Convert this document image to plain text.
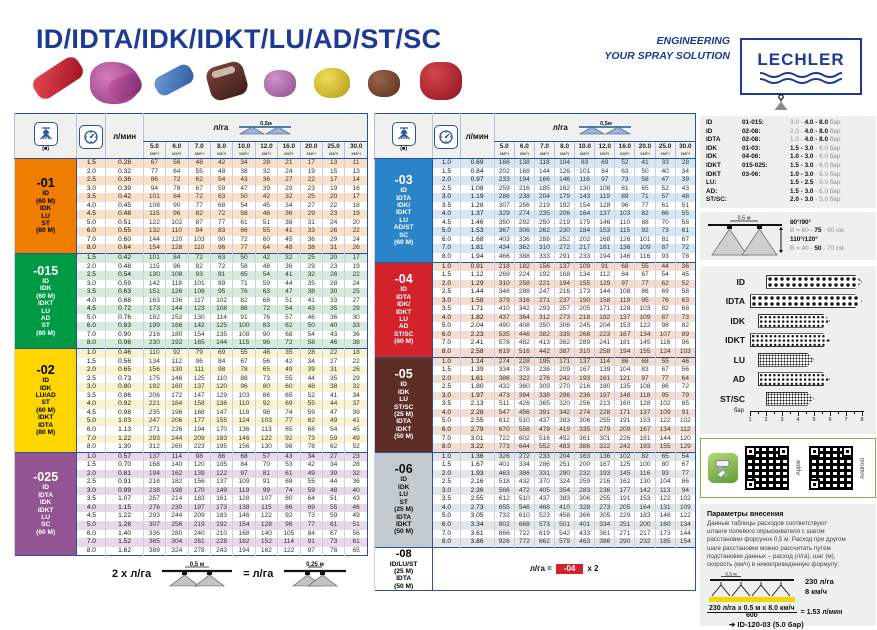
ID/IDTA/IDK/IDKT/LU/AD/ST/SC	ENGINEERING
YOUR SPRAY SOLUTION LECHLER
(■)		л/мин	л/га 0,5м									

			5.0
км/ч	6.0
км/ч	7.0
км/ч	8.0
км/ч	10.0
км/ч	12.0
км/ч	16.0
км/ч	20.0
км/ч	25.0
км/ч	30.0
км/ч

-01
ID
(60 M)
IDK
LU
ST
(80 M)
	1.5	0.28	67	56	48	42	34	28	21	17	13	11
	2.0	0.32	77	64	55	48	38	32	24	19	15	13
	2.5	0.36	86	72	62	54	43	36	27	22	17	14
	3.0	0.39	94	78	67	59	47	39	29	23	19	16
	3.5	0.42	101	84	72	63	50	42	32	25	20	17
	4.0	0.45	108	90	77	68	54	45	34	27	22	18
	4.5	0.48	115	96	82	72	58	48	36	29	23	19
	5.0	0.51	122	102	87	77	61	51	38	31	24	20
	6.0	0.55	132	110	94	83	66	55	41	33	26	22
	7.0	0.60	144	120	103	90	72	60	45	36	29	24
	8.0	0.64	154	128	110	96	77	64	48	38	31	26

-015
ID
IDK
(60 M)
IDKT
LU
AD
ST
(80 M)
	1.5	0.42	101	84	72	63	50	42	32	25	20	17
	2.0	0.48	115	96	82	72	58	48	36	29	23	19
	2.5	0.54	130	108	93	81	65	54	41	32	26	22
	3.0	0.59	142	118	101	89	71	59	44	35	28	24
	3.5	0.63	151	126	108	95	76	63	47	38	30	25
	4.0	0.68	163	136	117	102	82	68	51	41	33	27
	4.5	0.72	173	144	123	108	86	72	54	43	35	29
	5.0	0.76	182	152	130	114	91	76	57	46	36	30
	6.0	0.83	199	166	142	125	100	83	62	50	40	33
	7.0	0.90	216	180	154	135	108	90	68	54	43	36
	8.0	0.96	230	192	165	144	115	96	72	58	46	38

-02
ID
IDK
LU/AD
ST
(60 M)
IDKT
IDTA
(80 M)
	1.0	0.46	110	92	79	69	55	46	35	28	22	18
	1.5	0.56	134	112	96	84	67	56	42	34	27	22
	2.0	0.65	156	130	111	98	78	65	49	39	31	26
	2.5	0.73	175	146	125	110	88	73	55	44	35	29
	3.0	0.80	192	160	137	120	96	80	60	48	38	32
	3.5	0.86	206	172	147	129	103	86	65	52	41	34
	4.0	0.92	221	184	158	138	110	92	69	55	44	37
	4.5	0.98	235	196	168	147	118	98	74	59	47	39
	5.0	1.03	247	206	177	155	124	103	77	62	49	41
	6.0	1.13	271	226	194	170	136	113	85	68	54	45
	7.0	1.22	293	244	209	183	146	122	92	73	59	49
	8.0	1.30	312	260	223	195	156	130	98	78	62	52

-025
ID
IDTA
IDK
IDKT
LU
SC
(60 M)
	1.0	0.57	137	114	98	86	68	57	43	34	27	23
	1.5	0.70	168	140	120	105	84	70	53	42	34	28
	2.0	0.81	194	162	139	122	97	81	61	49	39	32
	2.5	0.91	218	182	156	137	109	91	68	55	44	36
	3.0	0.99	238	198	170	149	119	99	74	59	48	40
	3.5	1.07	257	214	183	161	128	107	80	64	51	43
	4.0	1.15	276	230	197	173	138	115	86	69	55	46
	4.5	1.22	293	244	209	183	146	122	92	73	59	49
	5.0	1.28	307	256	219	192	154	128	96	77	61	51
	6.0	1.40	336	280	240	210	168	140	105	84	67	56
	7.0	1.52	365	304	261	228	182	152	114	91	73	61
	8.0	1.62	389	324	278	243	194	162	122	97	78	65
(■)		л/мин	л/га 0,5м									

			5.0
км/ч	6.0
км/ч	7.0
км/ч	8.0
км/ч	10.0
км/ч	12.0
км/ч	16.0
км/ч	20.0
км/ч	25.0
км/ч	30.0
км/ч

-03
ID
IDTA
IDK/
IDKT
LU
AD/ST
SC
(60 M)
	1.0	0.69	166	138	118	104	83	69	52	41	33	28
	1.5	0.84	202	168	144	126	101	84	63	50	40	34
	2.0	0.97	233	194	166	146	116	97	73	58	47	39
	2.5	1.08	259	216	185	162	130	108	81	65	52	43
	3.0	1.19	286	238	204	179	143	119	89	71	57	48
	3.5	1.28	307	256	219	192	154	128	96	77	61	51
	4.0	1.37	329	274	235	206	164	137	103	82	66	55
	4.5	1.46	350	292	250	219	175	146	110	88	70	58
	5.0	1.53	367	306	262	230	184	153	115	92	73	61
	6.0	1.68	403	336	288	252	202	168	126	101	81	67
	7.0	1.81	434	362	310	272	217	181	136	109	87	72
	8.0	1.94	466	388	333	291	233	194	146	116	93	78

-04
ID
IDTA
IDK/
IDKT
LU
AD
ST/SC
(60 M)
	1.0	0.91	218	182	156	137	109	91	68	55	44	36
	1.5	1.12	269	224	192	168	134	112	84	67	54	45
	2.0	1.29	310	258	221	194	155	129	97	77	62	52
	2.5	1.44	346	288	247	216	173	144	108	86	69	58
	3.0	1.58	379	316	271	237	190	158	119	95	76	63
	3.5	1.71	410	342	293	257	205	171	128	103	82	68
	4.0	1.82	437	364	312	273	218	182	137	109	87	73
	5.0	2.04	490	408	350	306	245	204	153	122	98	82
	6.0	2.23	535	446	382	335	268	223	167	134	107	89
	7.0	2.41	578	482	413	362	289	241	181	145	116	96
	8.0	2.58	619	516	442	387	310	258	194	155	124	103

-05
ID
IDK
LU
ST/SC
(25 M)
IDTA
IDKT
(50 M)
	1.0	1.14	274	228	195	171	137	114	86	68	55	46
	1.5	1.39	334	278	238	209	167	139	104	83	67	56
	2.0	1.61	386	322	276	242	193	161	121	97	77	64
	2.5	1.80	432	360	309	270	216	180	135	108	86	72
	3.0	1.97	473	394	338	296	236	197	148	118	95	79
	3.5	2.13	511	426	365	320	256	213	160	128	102	85
	4.0	2.28	547	456	391	342	274	228	171	137	109	91
	5.0	2.55	612	510	437	383	306	255	191	153	122	102
	6.0	2.79	670	558	478	419	335	279	209	167	134	112
	7.0	3.01	722	602	516	452	361	301	226	181	144	120
	8.0	3.22	773	644	552	483	386	322	242	193	155	129

-06
ID
IDK
LU
ST
(25 M)
IDTA
IDKT
(50 M)
	1.0	1.36	326	272	233	204	163	136	102	82	65	54
	1.5	1.67	401	334	286	251	200	167	125	100	80	67
	2.0	1.93	463	386	331	290	232	193	145	116	93	77
	2.5	2.16	518	432	370	324	259	216	162	130	104	86
	3.0	2.36	566	472	405	354	283	236	177	142	113	94
	3.5	2.55	612	510	437	383	306	255	191	153	122	102
	4.0	2.73	655	546	468	410	328	273	205	164	131	109
	5.0	3.05	732	610	523	458	366	305	229	183	146	122
	6.0	3.34	802	668	573	501	401	334	251	200	160	134
	7.0	3.61	866	722	619	542	433	361	271	217	173	144
	8.0	3.86	926	772	662	579	463	386	290	232	185	154

-08
ID/LU/ST
(25 M)
IDTA
(50 M)	л/га = -04 х 2											
2 х л/га
0,5 м
= л/га
0,25 м
ID	01-015:	3.0 - 4.0 - 8.0 бар
ID	02-08:	2.0 - 4.0 - 8.0 бар
IDTA	02-08:	1.0 - 4.0 - 8.0 бар
IDK	01-03:	1.5 - 3.0 - 6.0 бар
IDK	04-06:	1.0 - 3.0 - 6.0 бар
IDKT	015-025:	1.5 - 3.0 - 6.0 бар
IDKT	03-06:	1.0 - 3.0 - 6.0 бар
LU:	1.5 - 2.5 - 5.0 бар
AD:	1.5 - 3.0 - 6.0 бар
ST/SC:	2.0 - 3.0 - 5.0 бар
0,5 м
80°/90°
B = 60 - 75 - 90 см
110°/120°
B = 40 - 50 - 70 см
ID
IDTA
IDK
IDKT
LU
AD
ST/SC
бар
1 2 3 4 5 6 7 8
Apple	Android
Параметры внесения
Данные таблицы расходов соответствуют
штанге полевого опрыскивателя с шагом
расстановки форсунок 0,5 м. Расход при другом
шаге расстановки можно рассчитать путем
подстановки данных – расход (л/га), шаг (м),
скорость (км/ч) в нижеприведенную формулу:
0,5 м
230 л/га
8 км/ч
$\frac{\text{230 л/га х 0.5 м х 8.0 км/ч}}{600} = 1.53$ л/мин
➔ ID-120-03 (5.0 бар)
